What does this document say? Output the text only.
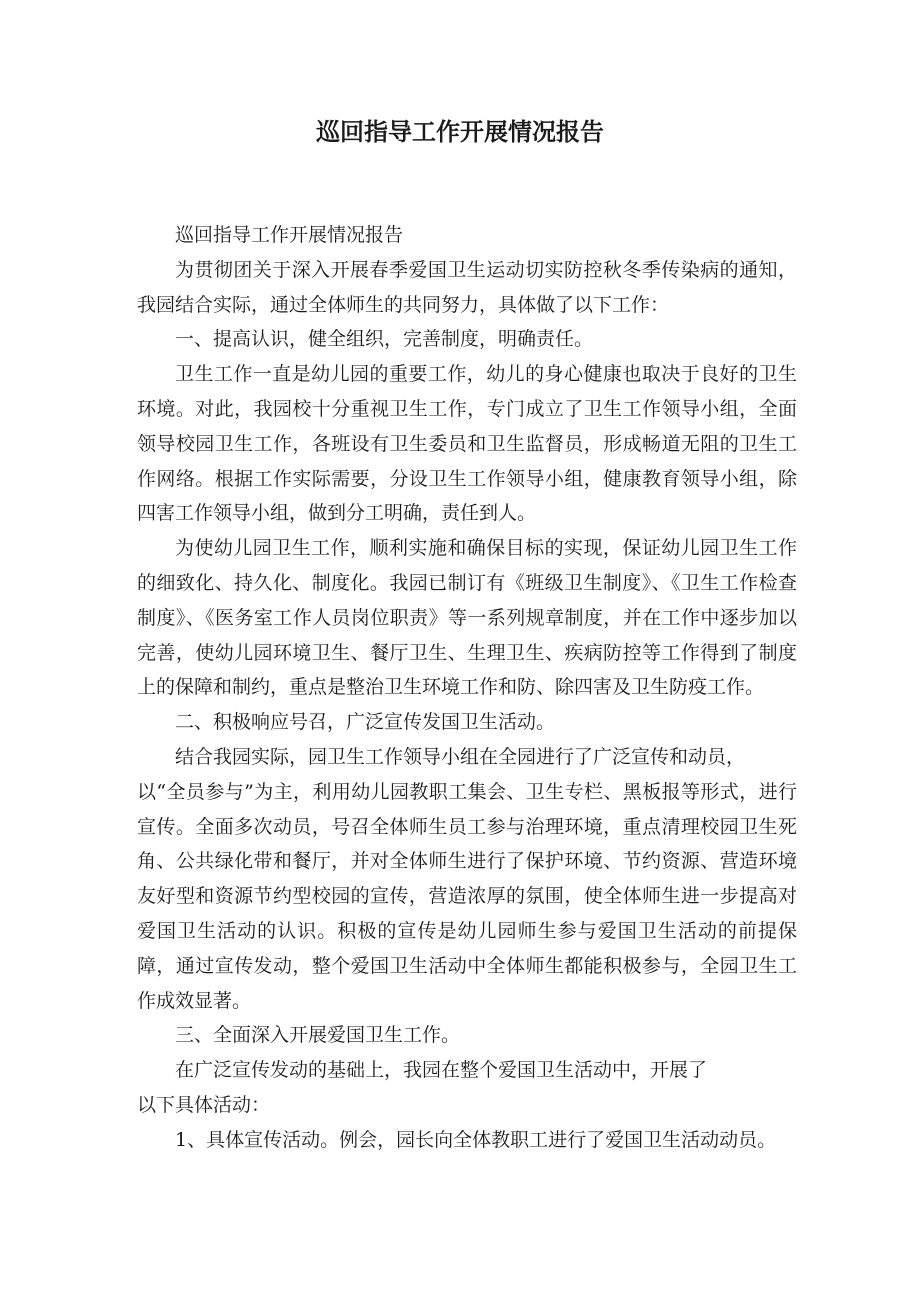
巡回指导工作开展情况报告

巡回指导工作开展情况报告

为贯彻团关于深入开展春季爱国卫生运动切实防控秋冬季传染病的通知，我园结合实际，通过全体师生的共同努力，具体做了以下工作：

一、提高认识，健全组织，完善制度，明确责任。

卫生工作一直是幼儿园的重要工作，幼儿的身心健康也取决于良好的卫生环境。对此，我园校十分重视卫生工作，专门成立了卫生工作领导小组，全面领导校园卫生工作，各班设有卫生委员和卫生监督员，形成畅道无阻的卫生工作网络。根据工作实际需要，分设卫生工作领导小组，健康教育领导小组，除四害工作领导小组，做到分工明确，责任到人。

为使幼儿园卫生工作，顺利实施和确保目标的实现，保证幼儿园卫生工作的细致化、持久化、制度化。我园已制订有《班级卫生制度》、《卫生工作检查制度》、《医务室工作人员岗位职责》等一系列规章制度，并在工作中逐步加以完善，使幼儿园环境卫生、餐厅卫生、生理卫生、疾病防控等工作得到了制度上的保障和制约，重点是整治卫生环境工作和防、除四害及卫生防疫工作。

二、积极响应号召，广泛宣传发国卫生活动。

结合我园实际，园卫生工作领导小组在全园进行了广泛宣传和动员，

以“全员参与”为主，利用幼儿园教职工集会、卫生专栏、黑板报等形式，进行宣传。全面多次动员，号召全体师生员工参与治理环境，重点清理校园卫生死角、公共绿化带和餐厅，并对全体师生进行了保护环境、节约资源、营造环境友好型和资源节约型校园的宣传，营造浓厚的氛围，使全体师生进一步提高对爱国卫生活动的认识。积极的宣传是幼儿园师生参与爱国卫生活动的前提保障，通过宣传发动，整个爱国卫生活动中全体师生都能积极参与，全园卫生工作成效显著。

三、全面深入开展爱国卫生工作。

在广泛宣传发动的基础上，我园在整个爱国卫生活动中，开展了

以下具体活动：

1、具体宣传活动。例会，园长向全体教职工进行了爱国卫生活动动员。
